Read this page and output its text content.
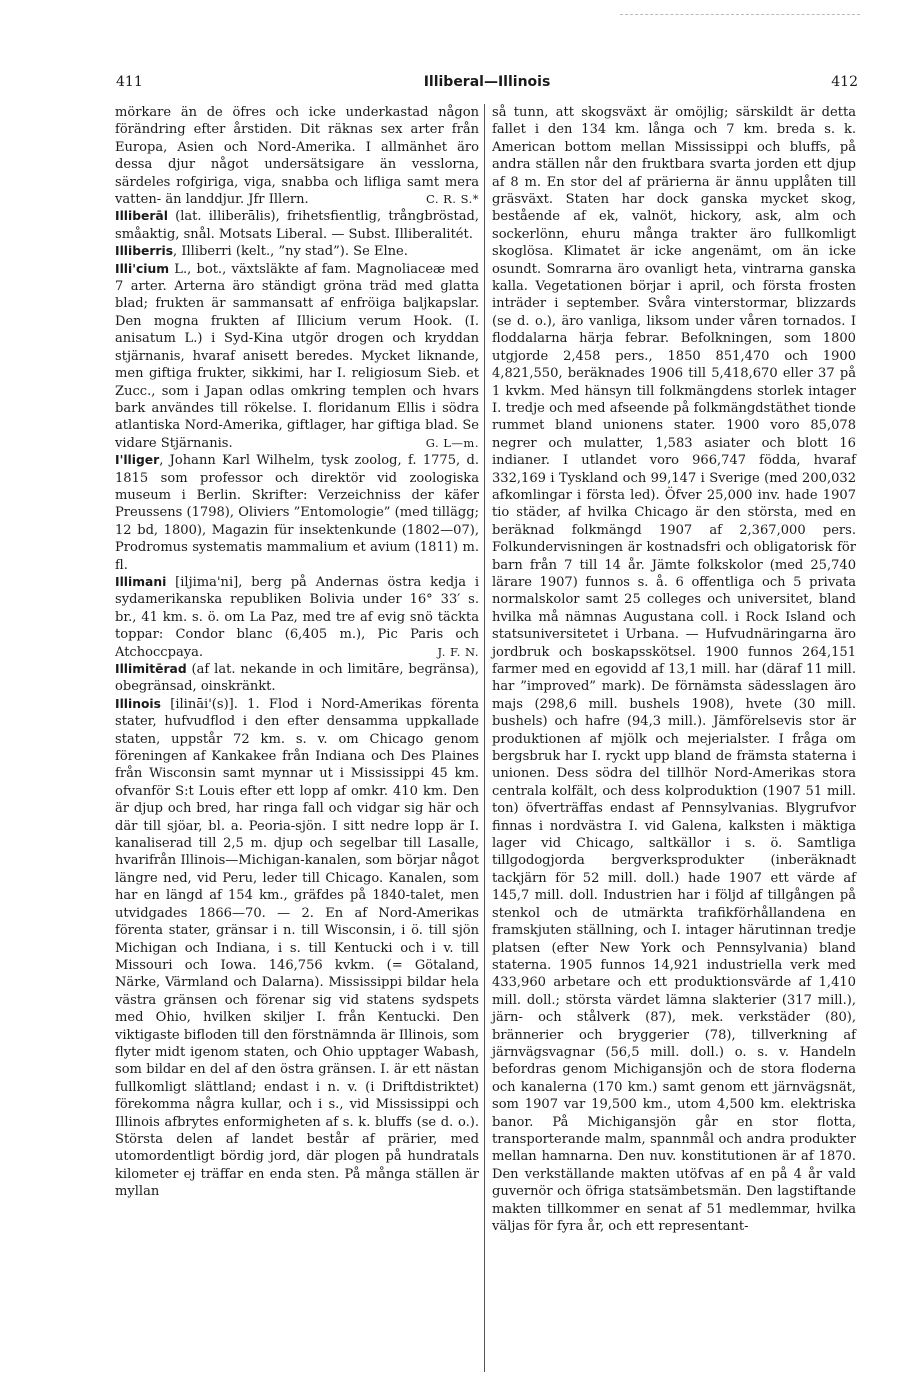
411	Illiberal—Illinois	412

mörkare än de öfres och icke underkastad någon förändring efter årstiden. Dit räknas sex arter från Europa, Asien och Nord-Amerika. I allmänhet äro dessa djur något undersätsigare än vesslorna, särdeles rofgiriga, viga, snabba och lifliga samt mera vatten- än landdjur. Jfr Illern.	C. R. S.*

Illiberāl (lat. illiberālis), frihetsfientlig, trångbröstad, småaktig, snål. Motsats Liberal. — Subst. Illiberalitét.

Illiberris, Illiberri (kelt., ”ny stad”). Se Elne.

Illi'cium L., bot., växtsläkte af fam. Magnoliaceæ med 7 arter. Arterna äro ständigt gröna träd med glatta blad; frukten är sammansatt af enfröiga baljkapslar. Den mogna frukten af Illicium verum Hook. (I. anisatum L.) i Syd-Kina utgör drogen och kryddan stjärnanis, hvaraf anisett beredes. Mycket liknande, men giftiga frukter, sikkimi, har I. religiosum Sieb. et Zucc., som i Japan odlas omkring templen och hvars bark användes till rökelse. I. floridanum Ellis i södra atlantiska Nord-Amerika, giftlager, har giftiga blad. Se vidare Stjärnanis.	G. L—m.

I'lliger, Johann Karl Wilhelm, tysk zoolog, f. 1775, d. 1815 som professor och direktör vid zoologiska museum i Berlin. Skrifter: Verzeichniss der käfer Preussens (1798), Oliviers ”Entomologie” (med tillägg; 12 bd, 1800), Magazin für insektenkunde (1802—07), Prodromus systematis mammalium et avium (1811) m. fl.

Illimani [iljima'ni], berg på Andernas östra kedja i sydamerikanska republiken Bolivia under 16° 33′ s. br., 41 km. s. ö. om La Paz, med tre af evig snö täckta toppar: Condor blanc (6,405 m.), Pic Paris och Atchoccpaya.	J. F. N.

Illimitērad (af lat. nekande in och limitāre, begränsa), obegränsad, oinskränkt.

Illinois [ilināi'(s)]. 1. Flod i Nord-Amerikas förenta stater, hufvudflod i den efter densamma uppkallade staten, uppstår 72 km. s. v. om Chicago genom föreningen af Kankakee från Indiana och Des Plaines från Wisconsin samt mynnar ut i Mississippi 45 km. ofvanför S:t Louis efter ett lopp af omkr. 410 km. Den är djup och bred, har ringa fall och vidgar sig här och där till sjöar, bl. a. Peoria-sjön. I sitt nedre lopp är I. kanaliserad till 2,5 m. djup och segelbar till Lasalle, hvarifrån Illinois—Michigan-kanalen, som börjar något längre ned, vid Peru, leder till Chicago. Kanalen, som har en längd af 154 km., gräfdes på 1840-talet, men utvidgades 1866—70. — 2. En af Nord-Amerikas förenta stater, gränsar i n. till Wisconsin, i ö. till sjön Michigan och Indiana, i s. till Kentucki och i v. till Missouri och Iowa. 146,756 kvkm. (= Götaland, Närke, Värmland och Dalarna). Mississippi bildar hela västra gränsen och förenar sig vid statens sydspets med Ohio, hvilken skiljer I. från Kentucki. Den viktigaste bifloden till den förstnämnda är Illinois, som flyter midt igenom staten, och Ohio upptager Wabash, som bildar en del af den östra gränsen. I. är ett nästan fullkomligt slättland; endast i n. v. (i Driftdistriktet) förekomma några kullar, och i s., vid Mississippi och Illinois afbrytes enformigheten af s. k. bluffs (se d. o.). Största delen af landet består af prärier, med utomordentligt bördig jord, där plogen på hundratals kilometer ej träffar en enda sten. På många ställen är myllan

så tunn, att skogsväxt är omöjlig; särskildt är detta fallet i den 134 km. långa och 7 km. breda s. k. American bottom mellan Mississippi och bluffs, på andra ställen når den fruktbara svarta jorden ett djup af 8 m. En stor del af prärierna är ännu upplåten till gräsväxt. Staten har dock ganska mycket skog, bestående af ek, valnöt, hickory, ask, alm och sockerlönn, ehuru många trakter äro fullkomligt skoglösa. Klimatet är icke angenämt, om än icke osundt. Somrarna äro ovanligt heta, vintrarna ganska kalla. Vegetationen börjar i april, och första frosten inträder i september. Svåra vinterstormar, blizzards (se d. o.), äro vanliga, liksom under våren tornados. I floddalarna härja febrar. Befolkningen, som 1800 utgjorde 2,458 pers., 1850 851,470 och 1900 4,821,550, beräknades 1906 till 5,418,670 eller 37 på 1 kvkm. Med hänsyn till folkmängdens storlek intager I. tredje och med afseende på folkmängdstäthet tionde rummet bland unionens stater. 1900 voro 85,078 negrer och mulatter, 1,583 asiater och blott 16 indianer. I utlandet voro 966,747 födda, hvaraf 332,169 i Tyskland och 99,147 i Sverige (med 200,032 afkomlingar i första led). Öfver 25,000 inv. hade 1907 tio städer, af hvilka Chicago är den största, med en beräknad folkmängd 1907 af 2,367,000 pers. Folkundervisningen är kostnadsfri och obligatorisk för barn från 7 till 14 år. Jämte folkskolor (med 25,740 lärare 1907) funnos s. å. 6 offentliga och 5 privata normalskolor samt 25 colleges och universitet, bland hvilka må nämnas Augustana coll. i Rock Island och statsuniversitetet i Urbana. — Hufvudnäringarna äro jordbruk och boskapsskötsel. 1900 funnos 264,151 farmer med en egovidd af 13,1 mill. har (däraf 11 mill. har ”improved” mark). De förnämsta sädesslagen äro majs (298,6 mill. bushels 1908), hvete (30 mill. bushels) och hafre (94,3 mill.). Jämförelsevis stor är produktionen af mjölk och mejerialster. I fråga om bergsbruk har I. ryckt upp bland de främsta staterna i unionen. Dess södra del tillhör Nord-Amerikas stora centrala kolfält, och dess kolproduktion (1907 51 mill. ton) öfverträffas endast af Pennsylvanias. Blygrufvor finnas i nordvästra I. vid Galena, kalksten i mäktiga lager vid Chicago, saltkällor i s. ö. Samtliga tillgodogjorda bergverksprodukter (inberäknadt tackjärn för 52 mill. doll.) hade 1907 ett värde af 145,7 mill. doll. Industrien har i följd af tillgången på stenkol och de utmärkta trafikförhållandena en framskjuten ställning, och I. intager härutinnan tredje platsen (efter New York och Pennsylvania) bland staterna. 1905 funnos 14,921 industriella verk med 433,960 arbetare och ett produktionsvärde af 1,410 mill. doll.; största värdet lämna slakterier (317 mill.), järn- och stålverk (87), mek. verkstäder (80), brännerier och bryggerier (78), tillverkning af järnvägsvagnar (56,5 mill. doll.) o. s. v. Handeln befordras genom Michigansjön och de stora floderna och kanalerna (170 km.) samt genom ett järnvägsnät, som 1907 var 19,500 km., utom 4,500 km. elektriska banor. På Michigansjön går en stor flotta, transporterande malm, spannmål och andra produkter mellan hamnarna. Den nuv. konstitutionen är af 1870. Den verkställande makten utöfvas af en på 4 år vald guvernör och öfriga statsämbetsmän. Den lagstiftande makten tillkommer en senat af 51 medlemmar, hvilka väljas för fyra år, och ett representant-
